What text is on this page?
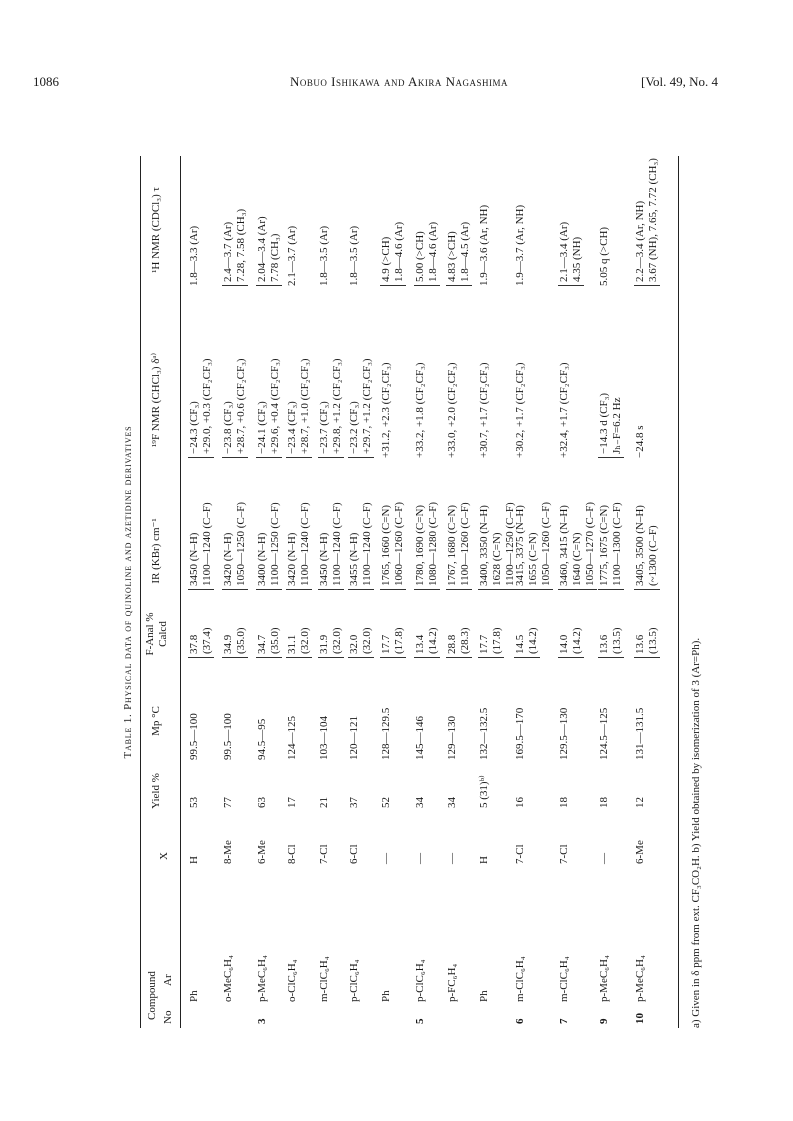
1086	Nobuo Ishikawa and Akira Nagashima	[Vol. 49, No. 4
Table 1. Physical data of quinoline and azetidine derivatives
Compound No
Ar
X
Yield %
Mp °C
F-Anal % Calcd
IR (KBr) cm⁻¹
¹⁹F NMR (CHCl₃) δᵃ⁾
¹H NMR (CDCl₃) τ
Ph
H
53
99.5—100
37.8 (37.4)
3450 (N–H) 1100—1240 (C–F)
−24.3 (CF₃) +29.0, +0.3 (CF₂CF₃)
1.8—3.3 (Ar)
o-MeC₆H₄
8-Me
77
99.5—100
34.9 (35.0)
3420 (N–H) 1050—1250 (C–F)
−23.8 (CF₃) +28.7, +0.6 (CF₂CF₃)
2.4—3.7 (Ar) 7.28, 7.58 (CH₃)
3
p-MeC₆H₄
6-Me
63
94.5—95
34.7 (35.0)
3400 (N–H) 1100—1250 (C–F)
−24.1 (CF₃) +29.6, +0.4 (CF₂CF₃)
2.04—3.4 (Ar) 7.78 (CH₃)
o-ClC₆H₄
8-Cl
17
124—125
31.1 (32.0)
3420 (N–H) 1100—1240 (C–F)
−23.4 (CF₃) +28.7, +1.0 (CF₂CF₃)
2.1—3.7 (Ar)
m-ClC₆H₄
7-Cl
21
103—104
31.9 (32.0)
3450 (N–H) 1100—1240 (C–F)
−23.7 (CF₃) +29.8, +1.2 (CF₂CF₃)
1.8—3.5 (Ar)
p-ClC₆H₄
6-Cl
37
120—121
32.0 (32.0)
3455 (N–H) 1100—1240 (C–F)
−23.2 (CF₃) +29.7, +1.2 (CF₂CF₃)
1.8—3.5 (Ar)
Ph
—
52
128—129.5
17.7 (17.8)
1765, 1660 (C=N) 1060—1260 (C–F)
+31.2, +2.3 (CF₂CF₃)
4.9 (>CH) 1.8—4.6 (Ar)
5
p-ClC₆H₄
—
34
145—146
13.4 (14.2)
1780, 1690 (C=N) 1080—1280 (C–F)
+33.2, +1.8 (CF₂CF₃)
5.00 (>CH) 1.8—4.6 (Ar)
p-FC₆H₄
—
34
129—130
28.8 (28.3)
1767, 1680 (C=N) 1100—1260 (C–F)
+33.0, +2.0 (CF₂CF₃)
4.83 (>CH) 1.8—4.5 (Ar)
Ph
H
5 (31)ᵇ⁾
132—132.5
17.7 (17.8)
3400, 3350 (N–H) 1628 (C=N) 1100—1250 (C–F)
+30.7, +1.7 (CF₂CF₃)
1.9—3.6 (Ar, NH)
6
m-ClC₆H₄
7-Cl
16
169.5—170
14.5 (14.2)
3415, 3375 (N–H) 1655 (C=N) 1050—1260 (C–F)
+30.2, +1.7 (CF₂CF₃)
1.9—3.7 (Ar, NH)
7
m-ClC₆H₄
7-Cl
18
129.5—130
14.0 (14.2)
3460, 3415 (N–H) 1640 (C=N) 1050—1270 (C–F)
+32.4, +1.7 (CF₂CF₃)
2.1—3.4 (Ar) 4.35 (NH)
9
p-MeC₆H₄
—
18
124.5—125
13.6 (13.5)
1775, 1675 (C=N) 1100—1300 (C–F)
−14.3 d (CF₃) Jₕ₋F=6.2 Hz
5.05 q (>CH)
10
p-MeC₆H₄
6-Me
12
131—131.5
13.6 (13.5)
3405, 3500 (N–H) (~1300 (C–F)
−24.8 s
2.2—3.4 (Ar, NH) 3.67 (NH), 7.65, 7.72 (CH₃)
a) Given in δ ppm from ext. CF₃CO₂H. b) Yield obtained by isomerization of 3 (Ar=Ph).
